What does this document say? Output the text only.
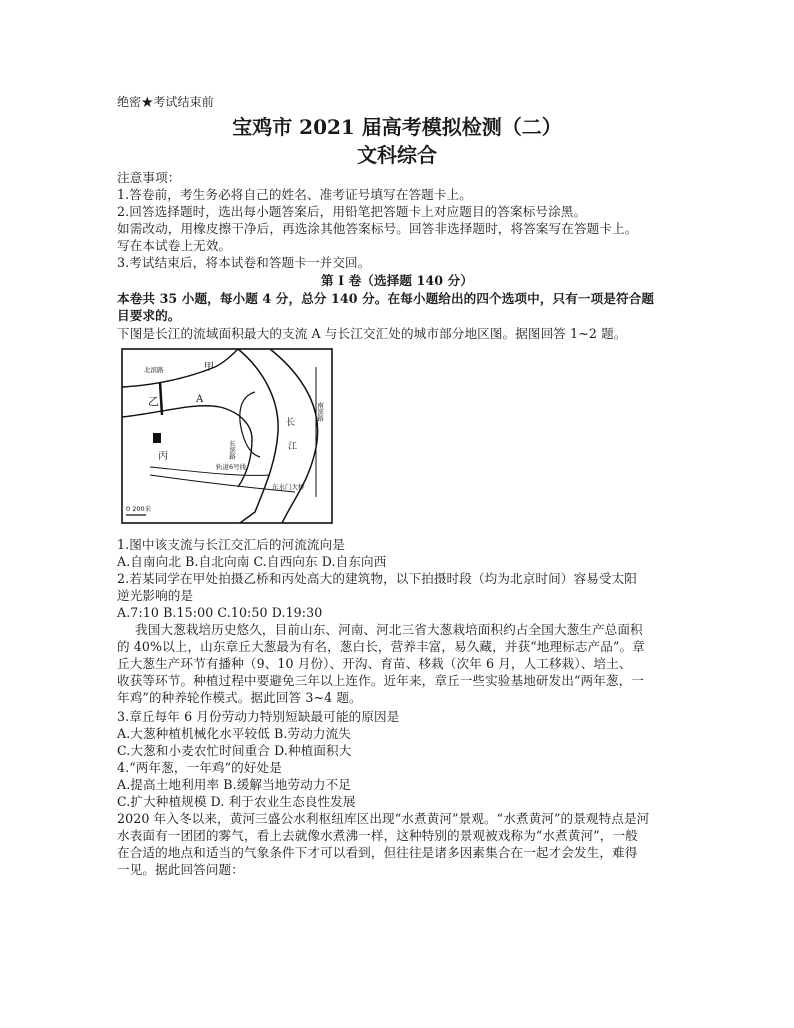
绝密★考试结束前
宝鸡市 2021 届高考模拟检测（二）
文科综合
注意事项：
1.答卷前，考生务必将自己的姓名、准考证号填写在答题卡上。
2.回答选择题时，选出每小题答案后，用铅笔把答题卡上对应题目的答案标号涂黑。
如需改动，用橡皮擦干净后，再选涂其他答案标号。回答非选择题时，将答案写在答题卡上。
写在本试卷上无效。
3.考试结束后，将本试卷和答题卡一并交回。
第 I 卷（选择题 140 分）
本卷共 35 小题，每小题 4 分，总分 140 分。在每小题给出的四个选项中，只有一项是符合题
目要求的。
下图是长江的流域面积最大的支流 A 与长江交汇处的城市部分地区图。据图回答 1~2 题。
北滨路	甲
乙	A
南滨路
长滨路
长
江
丙
轨道6号线
东水门大桥
0 200米
1.图中该支流与长江交汇后的河流流向是
A.自南向北 B.自北向南 C.自西向东 D.自东向西
2.若某同学在甲处拍摄乙桥和丙处高大的建筑物，以下拍摄时段（均为北京时间）容易受太阳
逆光影响的是
A.7:10 B.15:00 C.10:50 D.19:30
我国大葱栽培历史悠久，目前山东、河南、河北三省大葱栽培面积约占全国大葱生产总面积
的 40%以上，山东章丘大葱最为有名，葱白长，营养丰富，易久藏，并获“地理标志产品”。章
丘大葱生产环节有播种（9、10 月份）、开沟、育苗、移栽（次年 6 月，人工移栽）、培土、
收获等环节。种植过程中要避免三年以上连作。近年来，章丘一些实验基地研发出“两年葱，一
年鸡”的种养轮作模式。据此回答 3~4 题。
3.章丘每年 6 月份劳动力特别短缺最可能的原因是
A.大葱种植机械化水平较低 B.劳动力流失
C.大葱和小麦农忙时间重合 D.种植面积大
4.“两年葱，一年鸡”的好处是
A.提高土地利用率 B.缓解当地劳动力不足
C.扩大种植规模 D. 利于农业生态良性发展
2020 年入冬以来，黄河三盛公水利枢纽库区出现“水煮黄河”景观。“水煮黄河”的景观特点是河
水表面有一团团的雾气，看上去就像水煮沸一样，这种特别的景观被戏称为“水煮黄河”，一般
在合适的地点和适当的气象条件下才可以看到，但往往是诸多因素集合在一起才会发生，难得
一见。据此回答问题：
